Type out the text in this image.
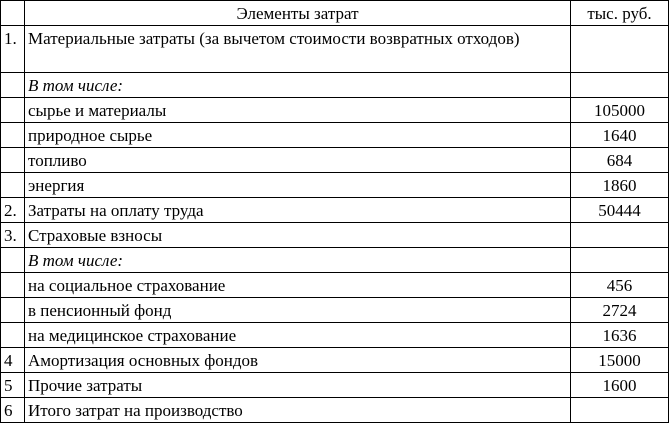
	Элементы затрат	тыс. руб.
1.	Материальные затраты (за вычетом стоимости возвратных отходов)	
	В том числе:	
	сырье и материалы	105000
	природное сырье	1640
	топливо	684
	энергия	1860
2.	Затраты на оплату труда	50444
3.	Страховые взносы	
	В том числе:	
	на социальное страхование	456
	в пенсионный фонд	2724
	на медицинское страхование	1636
4	Амортизация основных фондов	15000
5	Прочие затраты	1600
6	Итого затрат на производство	
